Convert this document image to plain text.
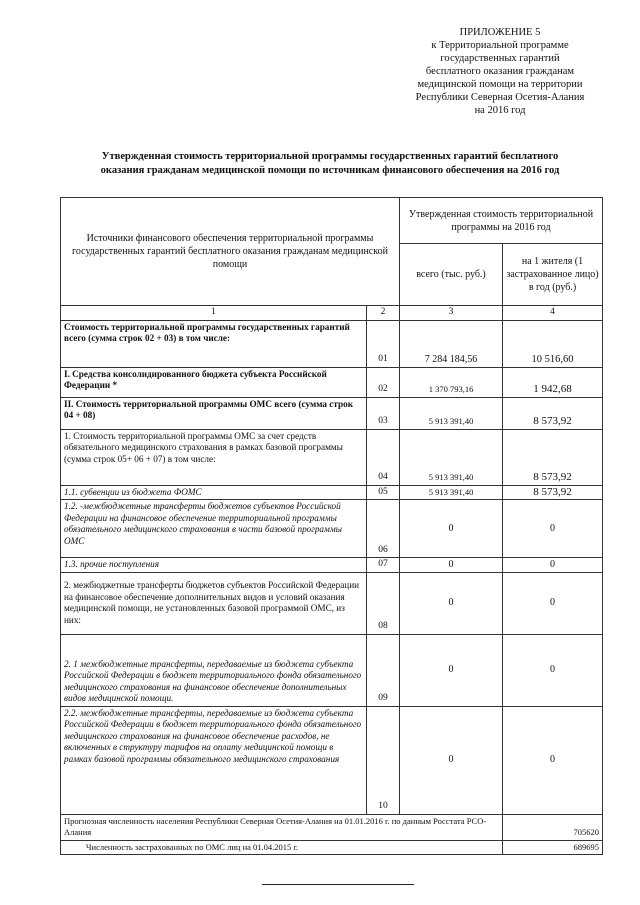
ПРИЛОЖЕНИЕ 5
к Территориальной программе
государственных гарантий
бесплатного оказания гражданам
медицинской помощи на территории
Республики Северная Осетия-Алания
на 2016 год
Утвержденная стоимость территориальной программы государственных гарантий бесплатного
оказания гражданам медицинской помощи по источникам финансового обеспечения на 2016 год
Источники финансового обеспечения территориальной программы государственных гарантий бесплатного оказания гражданам медицинской помощи		Утвержденная стоимость территориальной программы на 2016 год	
		всего (тыс. руб.)	на 1 жителя (1 застрахованное лицо) в год (руб.)
1	2	3	4
Стоимость территориальной программы государственных гарантий всего (сумма строк 02 + 03) в том числе:	01	7 284 184,56	10 516,60
I. Средства консолидированного бюджета субъекта Российской Федерации *	02	1 370 793,16	1 942,68
II. Стоимость территориальной программы ОМС всего (сумма строк 04 + 08)	03	5 913 391,40	8 573,92
1. Стоимость территориальной программы ОМС за счет средств обязательного медицинского страхования в рамках базовой программы (сумма строк 05+ 06 + 07) в том числе:	04	5 913 391,40	8 573,92
1.1. субвенции из бюджета ФОМС	05	5 913 391,40	8 573,92
1.2. -межбюджетные трансферты бюджетов субъектов Российской Федерации на финансовое обеспечение территориальной программы обязательного медицинского страхования в части базовой программы ОМС	06	0	0
1.3. прочие поступления	07	0	0
2. межбюджетные трансферты бюджетов субъектов Российской Федерации на финансовое обеспечение дополнительных видов и условий оказания медицинской помощи, не установленных базовой программой ОМС, из них:	08	0	0
2. 1 межбюджетные трансферты, передаваемые из бюджета субъекта Российской Федерации в бюджет территориального фонда обязательного медицинского страхования на финансовое обеспечение дополнительных видов медицинской помощи.	09	0	0
2.2. межбюджетные трансферты, передаваемые из бюджета субъекта Российской Федерации в бюджет территориального фонда обязательного медицинского страхования на финансовое обеспечение расходов, не включенных в структуру тарифов на оплату медицинской помощи в рамках базовой программы обязательного медицинского страхования	10	0	0
Прогнозная численность населения Республики Северная Осетия-Алания на 01.01.2016 г. по данным Росстата РСО-Алания			705620
Численность застрахованных по ОМС лиц на 01.04.2015 г.			689695
